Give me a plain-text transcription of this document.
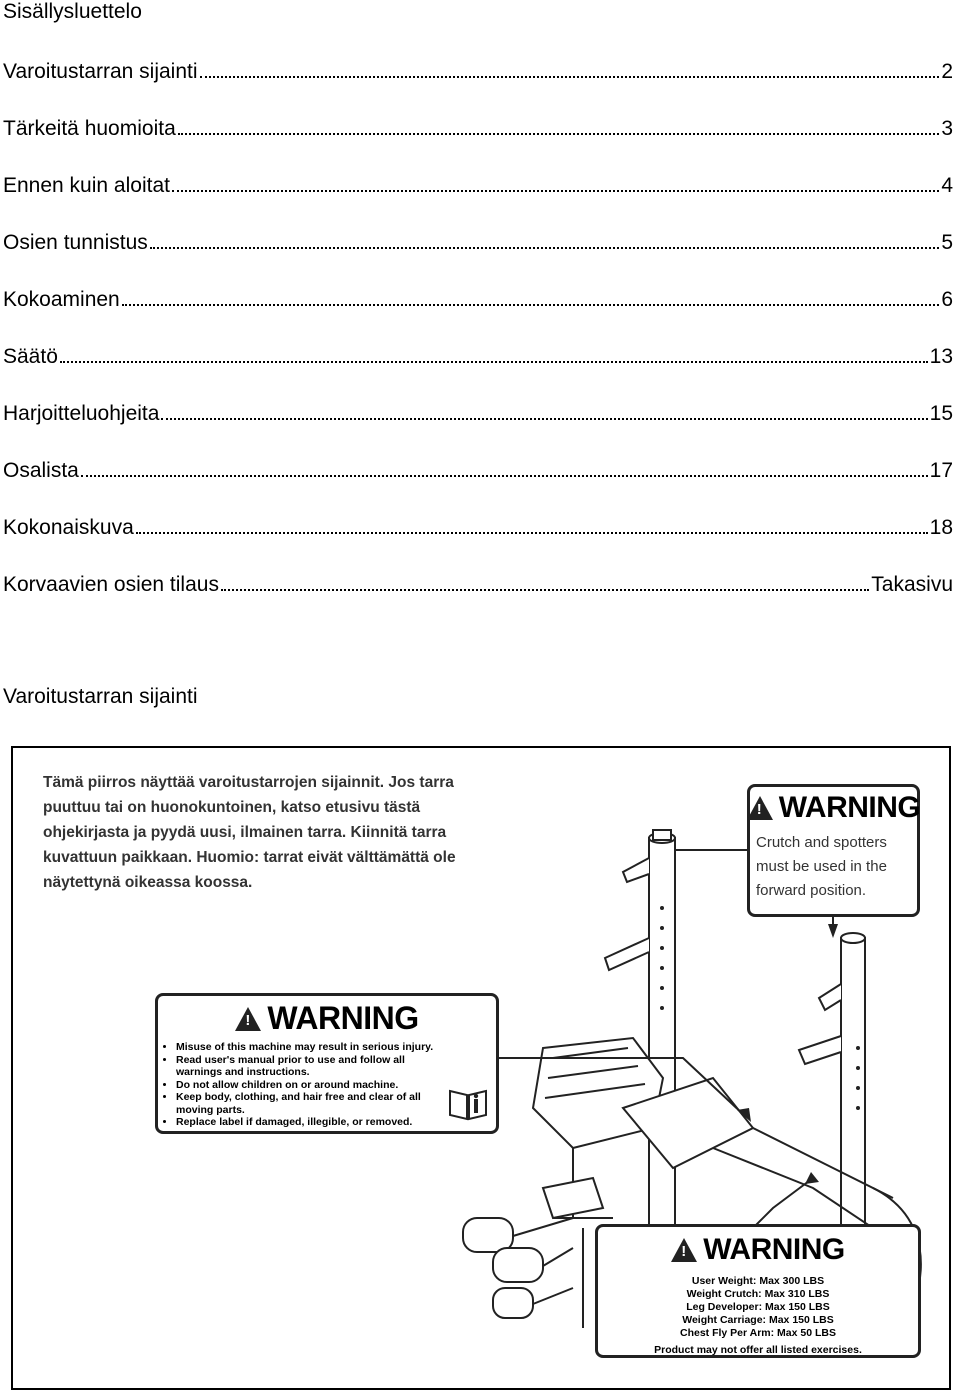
Sisällysluettelo
Varoitustarran sijainti	2
Tärkeitä huomioita	3
Ennen kuin aloitat	4
Osien tunnistus	5
Kokoaminen	6
Säätö	13
Harjoitteluohjeita	15
Osalista	17
Kokonaiskuva	18
Korvaavien osien tilaus	Takasivu
Varoitustarran sijainti
Tämä piirros näyttää varoitustarrojen sijainnit. Jos tarra puuttuu tai on huonokuntoinen, katso etusivu tästä ohjekirjasta ja pyydä uusi, ilmainen tarra. Kiinnitä tarra kuvattuun paikkaan. Huomio: tarrat eivät välttämättä ole näytettynä oikeassa koossa.
! WARNING
Crutch and spotters must be used in the forward position.
! WARNING
• Misuse of this machine may result in serious injury.
• Read user's manual prior to use and follow all warnings and instructions.
• Do not allow children on or around machine.
• Keep body, clothing, and hair free and clear of all moving parts.
• Replace label if damaged, illegible, or removed.
! WARNING
User Weight: Max 300 LBS
Weight Crutch: Max 310 LBS
Leg Developer: Max 150 LBS
Weight Carriage: Max 150 LBS
Chest Fly Per Arm: Max 50 LBS
Product may not offer all listed exercises.
